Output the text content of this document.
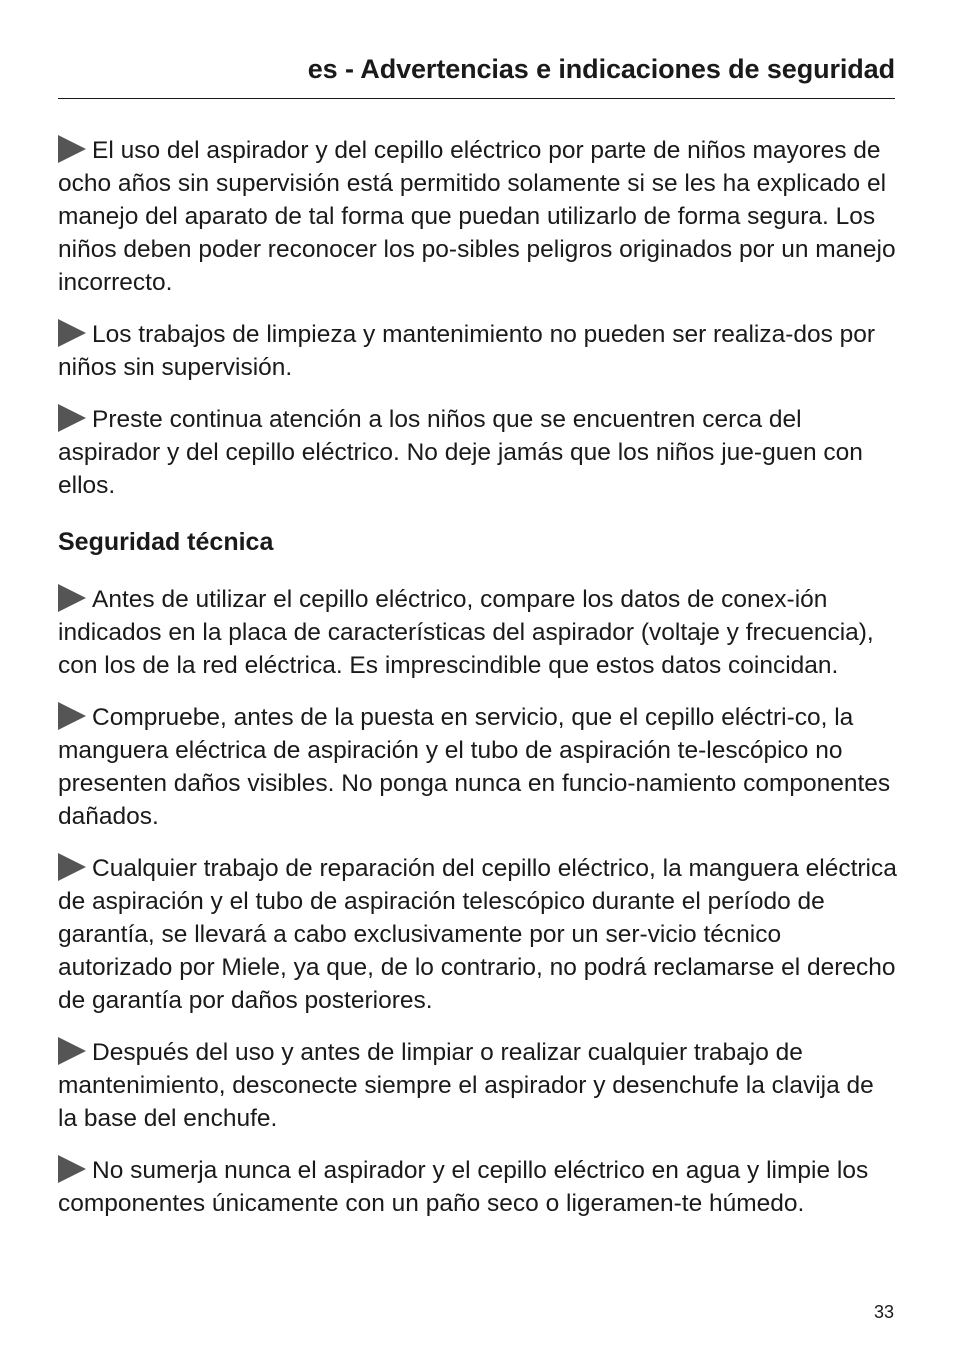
es - Advertencias e indicaciones de seguridad

El uso del aspirador y del cepillo eléctrico por parte de niños mayores de ocho años sin supervisión está permitido solamente si se les ha explicado el manejo del aparato de tal forma que puedan utilizarlo de forma segura. Los niños deben poder reconocer los po-sibles peligros originados por un manejo incorrecto.

Los trabajos de limpieza y mantenimiento no pueden ser realiza-dos por niños sin supervisión.

Preste continua atención a los niños que se encuentren cerca del aspirador y del cepillo eléctrico. No deje jamás que los niños jue-guen con ellos.

Seguridad técnica

Antes de utilizar el cepillo eléctrico, compare los datos de conex-ión indicados en la placa de características del aspirador (voltaje y frecuencia), con los de la red eléctrica. Es imprescindible que estos datos coincidan.

Compruebe, antes de la puesta en servicio, que el cepillo eléctri-co, la manguera eléctrica de aspiración y el tubo de aspiración te-lescópico no presenten daños visibles. No ponga nunca en funcio-namiento componentes dañados.

Cualquier trabajo de reparación del cepillo eléctrico, la manguera eléctrica de aspiración y el tubo de aspiración telescópico durante el período de garantía, se llevará a cabo exclusivamente por un ser-vicio técnico autorizado por Miele, ya que, de lo contrario, no podrá reclamarse el derecho de garantía por daños posteriores.

Después del uso y antes de limpiar o realizar cualquier trabajo de mantenimiento, desconecte siempre el aspirador y desenchufe la clavija de la base del enchufe.

No sumerja nunca el aspirador y el cepillo eléctrico en agua y limpie los componentes únicamente con un paño seco o ligeramen-te húmedo.

33
